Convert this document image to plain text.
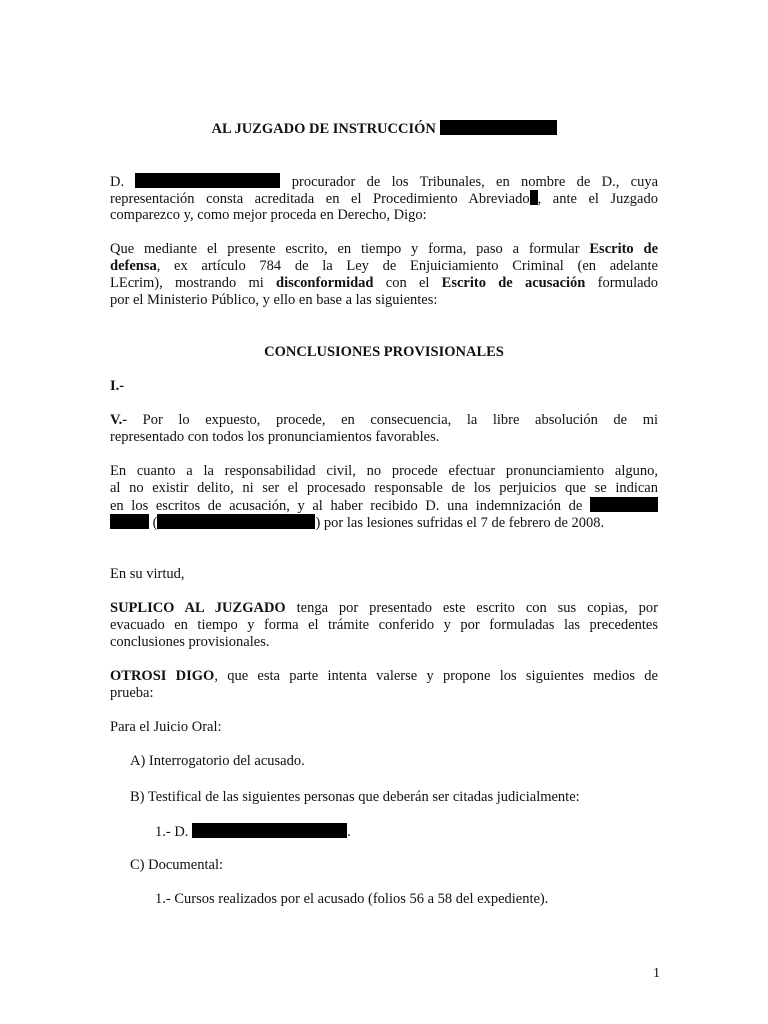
AL JUZGADO DE INSTRUCCIÓN
D.	procurador de los Tribunales, en nombre de D., cuya
representación consta acreditada en el Procedimiento Abreviado , ante el Juzgado
comparezco y, como mejor proceda en Derecho, Digo:
Que mediante el presente escrito, en tiempo y forma, paso a formular Escrito de
defensa, ex artículo 784 de la Ley de Enjuiciamiento Criminal (en adelante
LEcrim), mostrando mi disconformidad con el Escrito de acusación formulado
por el Ministerio Público, y ello en base a las siguientes:
CONCLUSIONES PROVISIONALES
I.-
V.- Por lo expuesto, procede, en consecuencia, la libre absolución de mi
representado con todos los pronunciamientos favorables.
En cuanto a la responsabilidad civil, no procede efectuar pronunciamiento alguno,
al no existir delito, ni ser el procesado responsable de los perjuicios que se indican
en los escritos de acusación, y al haber recibido D. una indemnización de
(	) por las lesiones sufridas el 7 de febrero de 2008.
En su virtud,
SUPLICO AL JUZGADO tenga por presentado este escrito con sus copias, por
evacuado en tiempo y forma el trámite conferido y por formuladas las precedentes
conclusiones provisionales.
OTROSI DIGO, que esta parte intenta valerse y propone los siguientes medios de
prueba:
Para el Juicio Oral:
A) Interrogatorio del acusado.
B) Testifical de las siguientes personas que deberán ser citadas judicialmente:
1.- D.	.
C) Documental:
1.- Cursos realizados por el acusado (folios 56 a 58 del expediente).
1
